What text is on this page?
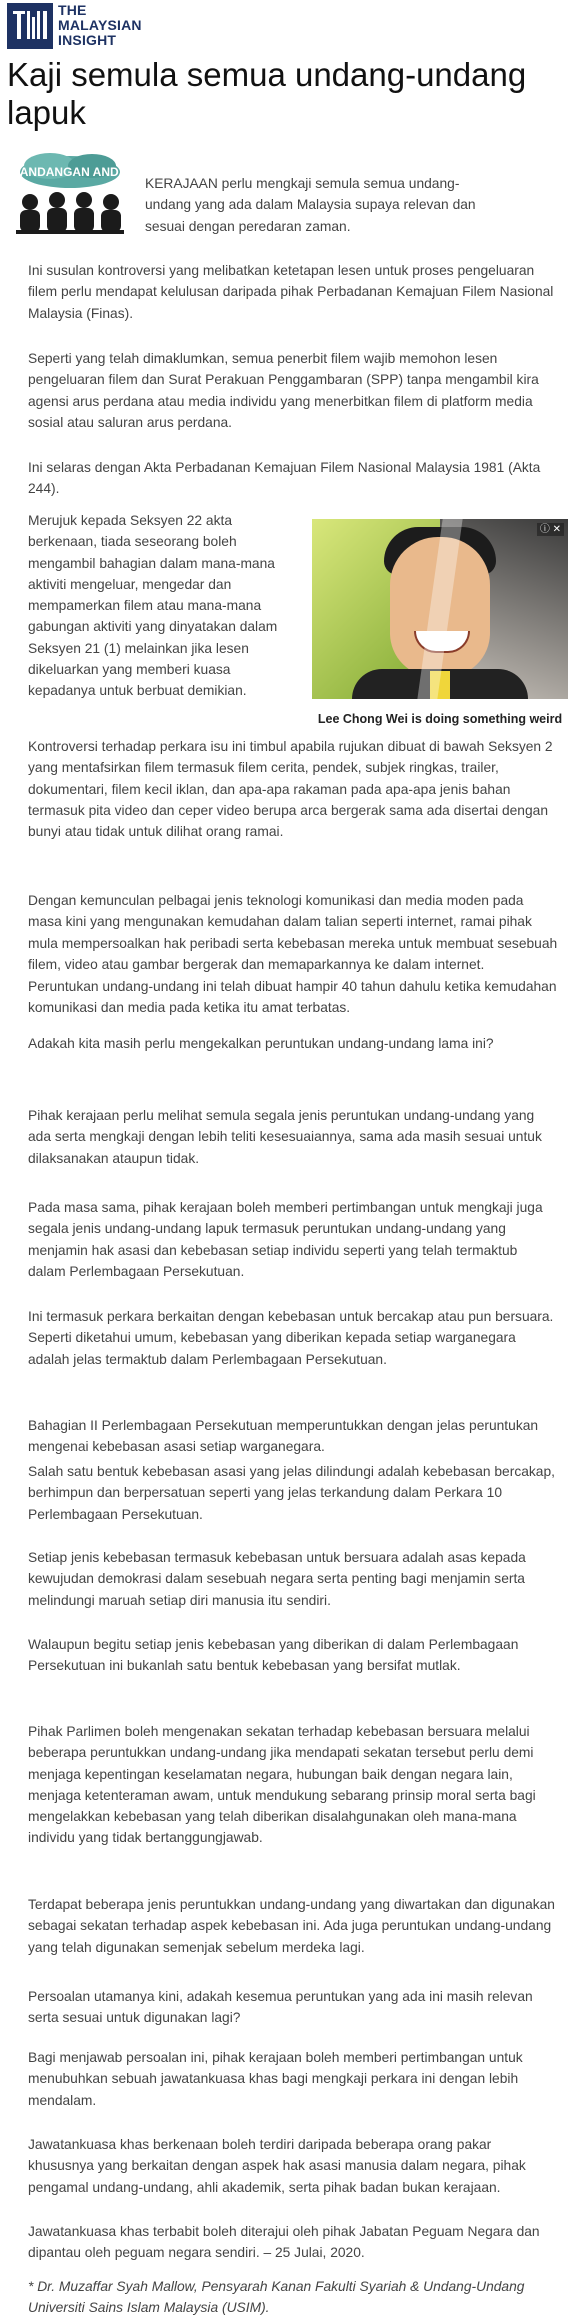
THE
MALAYSIAN
INSIGHT
Kaji semula semua undang-undang lapuk
PANDANGAN ANDA

KERAJAAN perlu mengkaji semula semua undang-undang yang ada dalam Malaysia supaya relevan dan sesuai dengan peredaran zaman.

Ini susulan kontroversi yang melibatkan ketetapan lesen untuk proses pengeluaran filem perlu mendapat kelulusan daripada pihak Perbadanan Kemajuan Filem Nasional Malaysia (Finas).

Seperti yang telah dimaklumkan, semua penerbit filem wajib memohon lesen pengeluaran filem dan Surat Perakuan Penggambaran (SPP) tanpa mengambil kira agensi arus perdana atau media individu yang menerbitkan filem di platform media sosial atau saluran arus perdana.

Ini selaras dengan Akta Perbadanan Kemajuan Filem Nasional Malaysia 1981 (Akta 244).

Merujuk kepada Seksyen 22 akta berkenaan, tiada seseorang boleh mengambil bahagian dalam mana-mana aktiviti mengeluar, mengedar dan mempamerkan filem atau mana-mana gabungan aktiviti yang dinyatakan dalam Seksyen 21 (1) melainkan jika lesen dikeluarkan yang memberi kuasa kepadanya untuk berbuat demikian.

ⓘ ✕
Lee Chong Wei is doing something weird

Kontroversi terhadap perkara isu ini timbul apabila rujukan dibuat di bawah Seksyen 2 yang mentafsirkan filem termasuk filem cerita, pendek, subjek ringkas, trailer, dokumentari, filem kecil iklan, dan apa-apa rakaman pada apa-apa jenis bahan termasuk pita video dan ceper video berupa arca bergerak sama ada disertai dengan bunyi atau tidak untuk dilihat orang ramai.

Dengan kemunculan pelbagai jenis teknologi komunikasi dan media moden pada masa kini yang mengunakan kemudahan dalam talian seperti internet, ramai pihak mula mempersoalkan hak peribadi serta kebebasan mereka untuk membuat sesebuah filem, video atau gambar bergerak dan memaparkannya ke dalam internet.

Peruntukan undang-undang ini telah dibuat hampir 40 tahun dahulu ketika kemudahan komunikasi dan media pada ketika itu amat terbatas.

Adakah kita masih perlu mengekalkan peruntukan undang-undang lama ini?

Pihak kerajaan perlu melihat semula segala jenis peruntukan undang-undang yang ada serta mengkaji dengan lebih teliti kesesuaiannya, sama ada masih sesuai untuk dilaksanakan ataupun tidak.

Pada masa sama, pihak kerajaan boleh memberi pertimbangan untuk mengkaji juga segala jenis undang-undang lapuk termasuk peruntukan undang-undang yang menjamin hak asasi dan kebebasan setiap individu seperti yang telah termaktub dalam Perlembagaan Persekutuan.

Ini termasuk perkara berkaitan dengan kebebasan untuk bercakap atau pun bersuara. Seperti diketahui umum, kebebasan yang diberikan kepada setiap warganegara adalah jelas termaktub dalam Perlembagaan Persekutuan.

Bahagian II Perlembagaan Persekutuan memperuntukkan dengan jelas peruntukan mengenai kebebasan asasi setiap warganegara.

Salah satu bentuk kebebasan asasi yang jelas dilindungi adalah kebebasan bercakap, berhimpun dan berpersatuan seperti yang jelas terkandung dalam Perkara 10 Perlembagaan Persekutuan.

Setiap jenis kebebasan termasuk kebebasan untuk bersuara adalah asas kepada kewujudan demokrasi dalam sesebuah negara serta penting bagi menjamin serta melindungi maruah setiap diri manusia itu sendiri.

Walaupun begitu setiap jenis kebebasan yang diberikan di dalam Perlembagaan Persekutuan ini bukanlah satu bentuk kebebasan yang bersifat mutlak.

Pihak Parlimen boleh mengenakan sekatan terhadap kebebasan bersuara melalui beberapa peruntukkan undang-undang jika mendapati sekatan tersebut perlu demi menjaga kepentingan keselamatan negara, hubungan baik dengan negara lain, menjaga ketenteraman awam, untuk mendukung sebarang prinsip moral serta bagi mengelakkan kebebasan yang telah diberikan disalahgunakan oleh mana-mana individu yang tidak bertanggungjawab.

Terdapat beberapa jenis peruntukkan undang-undang yang diwartakan dan digunakan sebagai sekatan terhadap aspek kebebasan ini. Ada juga peruntukan undang-undang yang telah digunakan semenjak sebelum merdeka lagi.

Persoalan utamanya kini, adakah kesemua peruntukan yang ada ini masih relevan serta sesuai untuk digunakan lagi?

Bagi menjawab persoalan ini, pihak kerajaan boleh memberi pertimbangan untuk menubuhkan sebuah jawatankuasa khas bagi mengkaji perkara ini dengan lebih mendalam.

Jawatankuasa khas berkenaan boleh terdiri daripada beberapa orang pakar khususnya yang berkaitan dengan aspek hak asasi manusia dalam negara, pihak pengamal undang-undang, ahli akademik, serta pihak badan bukan kerajaan.

Jawatankuasa khas terbabit boleh diterajui oleh pihak Jabatan Peguam Negara dan dipantau oleh peguam negara sendiri. – 25 Julai, 2020.

* Dr. Muzaffar Syah Mallow, Pensyarah Kanan Fakulti Syariah & Undang-Undang Universiti Sains Islam Malaysia (USIM).
